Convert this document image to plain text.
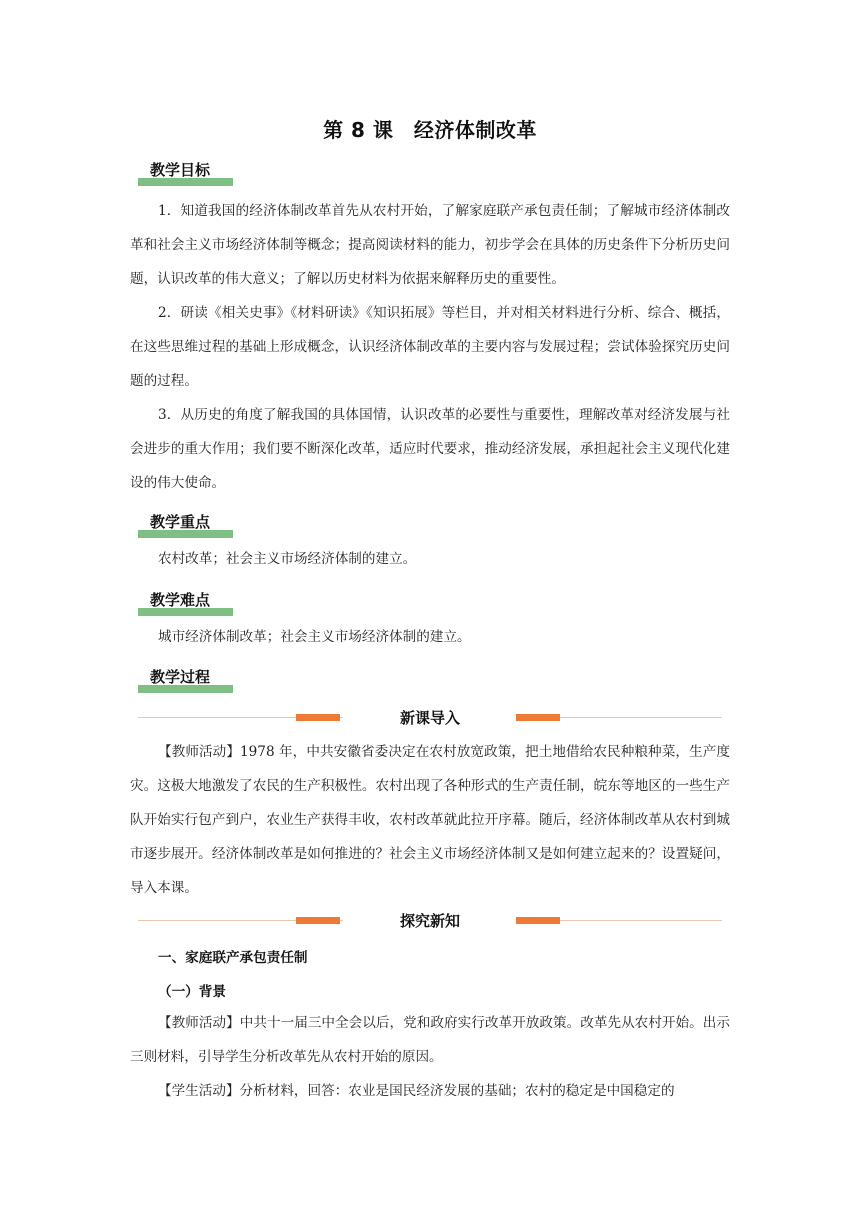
第 8 课　经济体制改革
教学目标
1．知道我国的经济体制改革首先从农村开始，了解家庭联产承包责任制；了解城市经济体制改革和社会主义市场经济体制等概念；提高阅读材料的能力，初步学会在具体的历史条件下分析历史问题，认识改革的伟大意义；了解以历史材料为依据来解释历史的重要性。
2．研读《相关史事》《材料研读》《知识拓展》等栏目，并对相关材料进行分析、综合、概括，在这些思维过程的基础上形成概念，认识经济体制改革的主要内容与发展过程；尝试体验探究历史问题的过程。
3．从历史的角度了解我国的具体国情，认识改革的必要性与重要性，理解改革对经济发展与社会进步的重大作用；我们要不断深化改革，适应时代要求，推动经济发展，承担起社会主义现代化建设的伟大使命。
教学重点
农村改革；社会主义市场经济体制的建立。
教学难点
城市经济体制改革；社会主义市场经济体制的建立。
教学过程
新课导入
【教师活动】1978 年，中共安徽省委决定在农村放宽政策，把土地借给农民种粮种菜，生产度灾。这极大地激发了农民的生产积极性。农村出现了各种形式的生产责任制，皖东等地区的一些生产队开始实行包产到户，农业生产获得丰收，农村改革就此拉开序幕。随后，经济体制改革从农村到城市逐步展开。经济体制改革是如何推进的？社会主义市场经济体制又是如何建立起来的？设置疑问，导入本课。
探究新知
一、家庭联产承包责任制
（一）背景
【教师活动】中共十一届三中全会以后，党和政府实行改革开放政策。改革先从农村开始。出示三则材料，引导学生分析改革先从农村开始的原因。
【学生活动】分析材料，回答：农业是国民经济发展的基础；农村的稳定是中国稳定的
